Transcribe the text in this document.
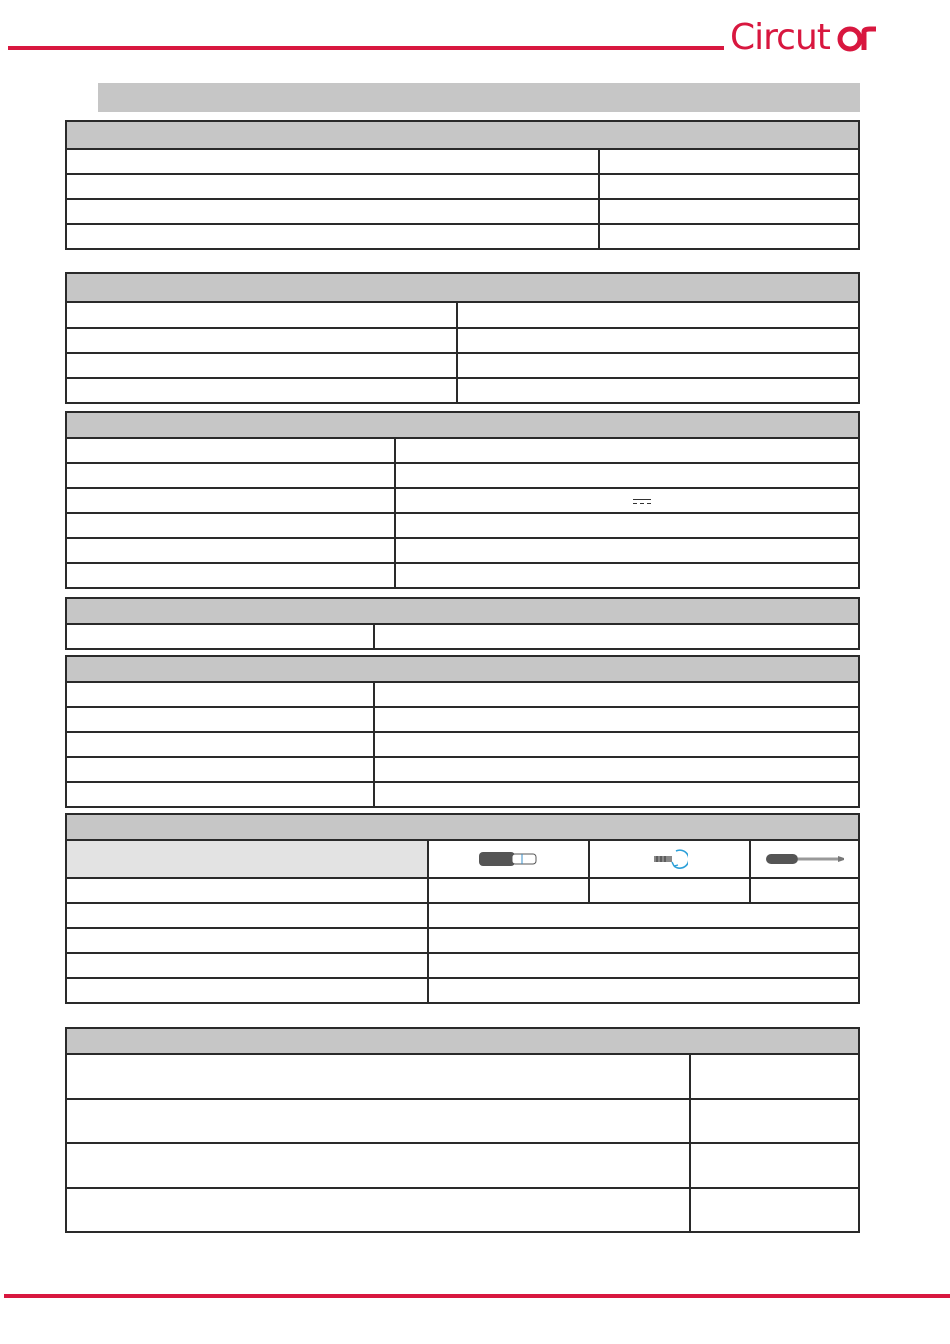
Circut
